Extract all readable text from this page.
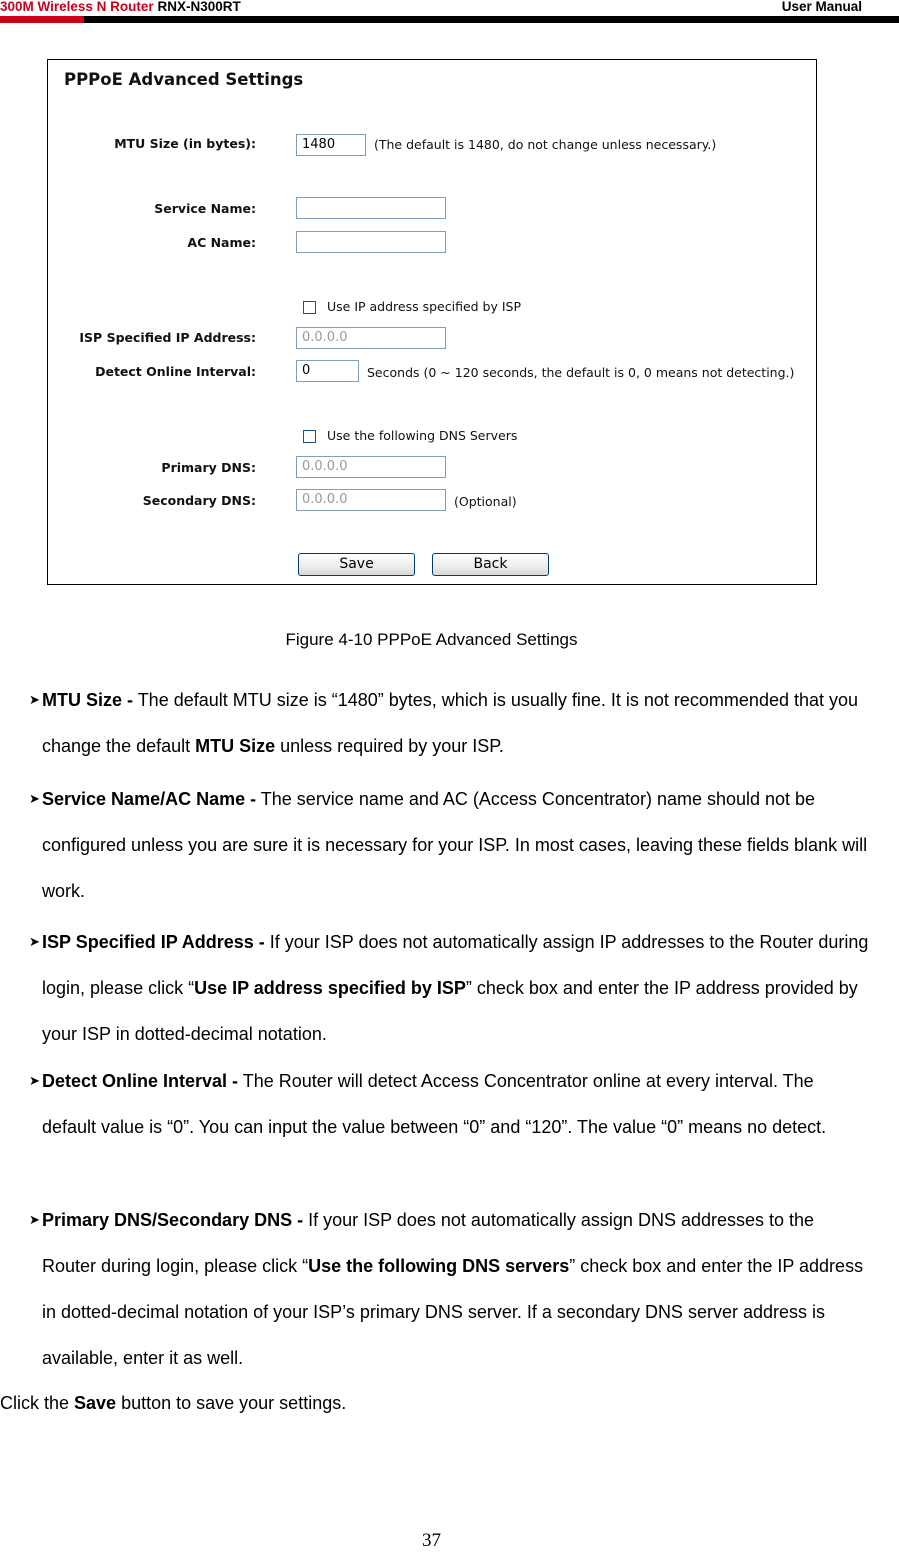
300M Wireless N Router RNX-N300RT	User Manual
PPPoE Advanced Settings
MTU Size (in bytes):	1480	(The default is 1480, do not change unless necessary.)
Service Name:
AC Name:
Use IP address specified by ISP
ISP Specified IP Address:	0.0.0.0
Detect Online Interval:	0	Seconds (0 ~ 120 seconds, the default is 0, 0 means not detecting.)
Use the following DNS Servers
Primary DNS:	0.0.0.0
Secondary DNS:	0.0.0.0	(Optional)
Save	Back
Figure 4-10 PPPoE Advanced Settings
➤ MTU Size - The default MTU size is “1480” bytes, which is usually fine. It is not recommended that you change the default MTU Size unless required by your ISP.
➤ Service Name/AC Name - The service name and AC (Access Concentrator) name should not be configured unless you are sure it is necessary for your ISP. In most cases, leaving these fields blank will work.
➤ ISP Specified IP Address - If your ISP does not automatically assign IP addresses to the Router during login, please click “Use IP address specified by ISP” check box and enter the IP address provided by your ISP in dotted-decimal notation.
➤ Detect Online Interval - The Router will detect Access Concentrator online at every interval. The default value is “0”. You can input the value between “0” and “120”. The value “0” means no detect.
➤ Primary DNS/Secondary DNS - If your ISP does not automatically assign DNS addresses to the Router during login, please click “Use the following DNS servers” check box and enter the IP address in dotted-decimal notation of your ISP’s primary DNS server. If a secondary DNS server address is available, enter it as well.
Click the Save button to save your settings.
37
